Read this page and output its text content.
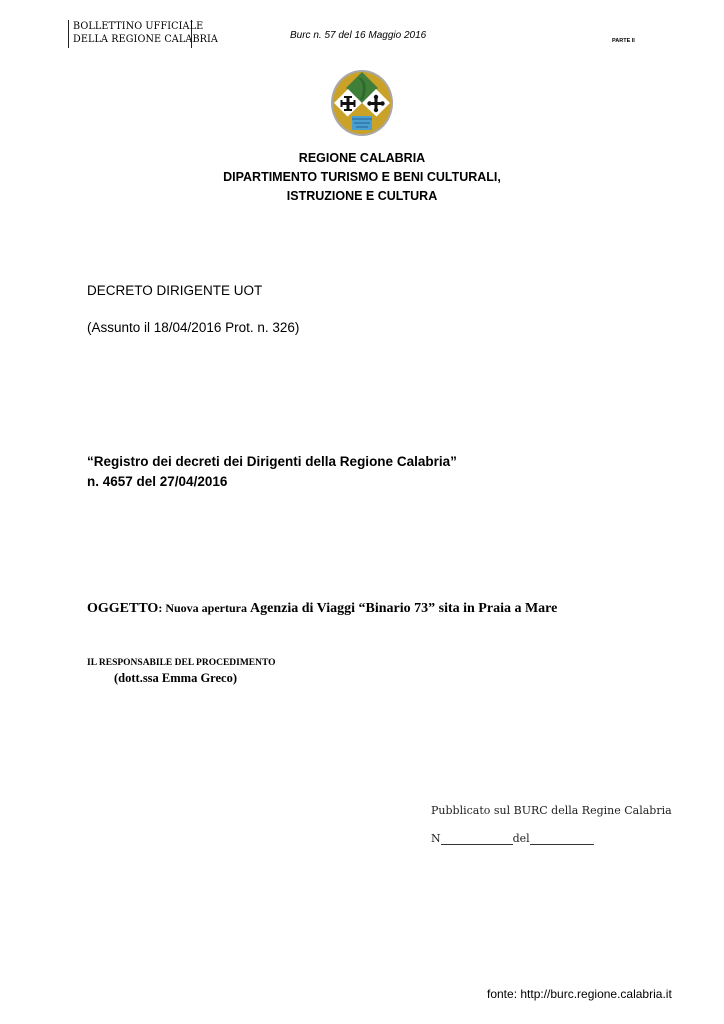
BOLLETTINO UFFICIALE
DELLA REGIONE CALABRIA	Burc n. 57 del 16 Maggio 2016	PARTE II
REGIONE CALABRIA
DIPARTIMENTO TURISMO E BENI CULTURALI,
ISTRUZIONE E CULTURA
DECRETO DIRIGENTE UOT
(Assunto il 18/04/2016 Prot. n. 326)
“Registro dei decreti dei Dirigenti della Regione Calabria”
n. 4657 del 27/04/2016
OGGETTO: Nuova apertura Agenzia di Viaggi “Binario 73” sita in Praia a Mare
IL RESPONSABILE DEL PROCEDIMENTO
(dott.ssa Emma Greco)
Pubblicato sul BURC della Regine Calabria
N	del
fonte: http://burc.regione.calabria.it
